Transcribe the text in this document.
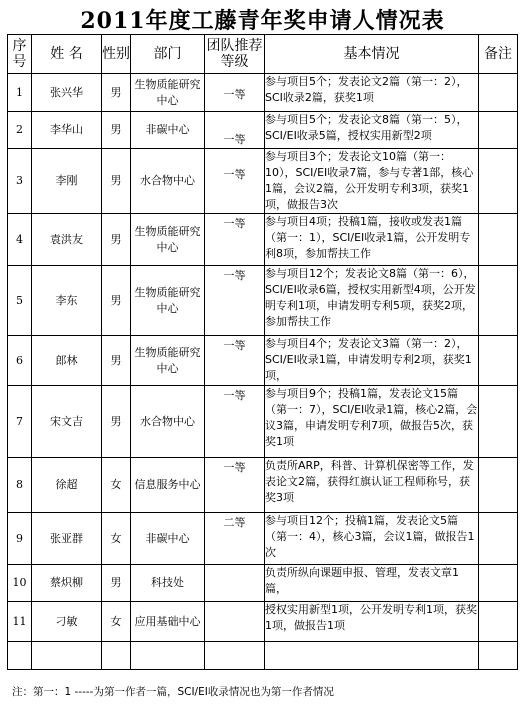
2011年度工藤青年奖申请人情况表
序号	姓 名	性别	部门	团队推荐等级	基本情况	备注
1	张兴华	男	生物质能研究中心	一等	参与项目5个；发表论文2篇（第一：2），SCI收录2篇，获奖1项	
2	李华山	男	非碳中心	一等	参与项目5个；发表论文8篇（第一：5），SCI/EI收录5篇，授权实用新型2项	
3	李刚	男	水合物中心	一等	参与项目3个；发表论文10篇（第一：10），SCI/EI收录7篇，参与专著1部，核心1篇，会议2篇，公开发明专利3项，获奖1项，做报告3次	
4	袁洪友	男	生物质能研究中心	一等	参与项目4项；投稿1篇，接收或发表1篇（第一：1），SCI/EI收录1篇，公开发明专利8项，参加帮扶工作	
5	李东	男	生物质能研究中心	一等	参与项目12个；发表论文8篇（第一：6），SCI/EI收录6篇，授权实用新型4项，公开发明专利1项，申请发明专利5项，获奖2项，参加帮扶工作	
6	郎林	男	生物质能研究中心	一等	参与项目4个；发表论文3篇（第一：2），SCI/EI收录1篇，申请发明专利2项，获奖1项，	
7	宋文吉	男	水合物中心	一等	参与项目9个；投稿1篇，发表论文15篇（第一：7），SCI/EI收录1篇，核心2篇，会议3篇，申请发明专利7项，做报告5次，获奖1项	
8	徐超	女	信息服务中心	一等	负责所ARP，科普、计算机保密等工作，发表论文2篇，获得红旗认证工程师称号，获奖3项	
9	张亚群	女	非碳中心	二等	参与项目12个；投稿1篇，发表论文5篇（第一：4），核心3篇，会议1篇，做报告1次	
10	蔡炽柳	男	科技处		负责所纵向课题申报、管理，发表文章1篇，	
11	刁敏	女	应用基础中心		授权实用新型1项，公开发明专利1项，获奖1项，做报告1项	

注：第一：1 -----为第一作者一篇，SCI/EI收录情况也为第一作者情况
